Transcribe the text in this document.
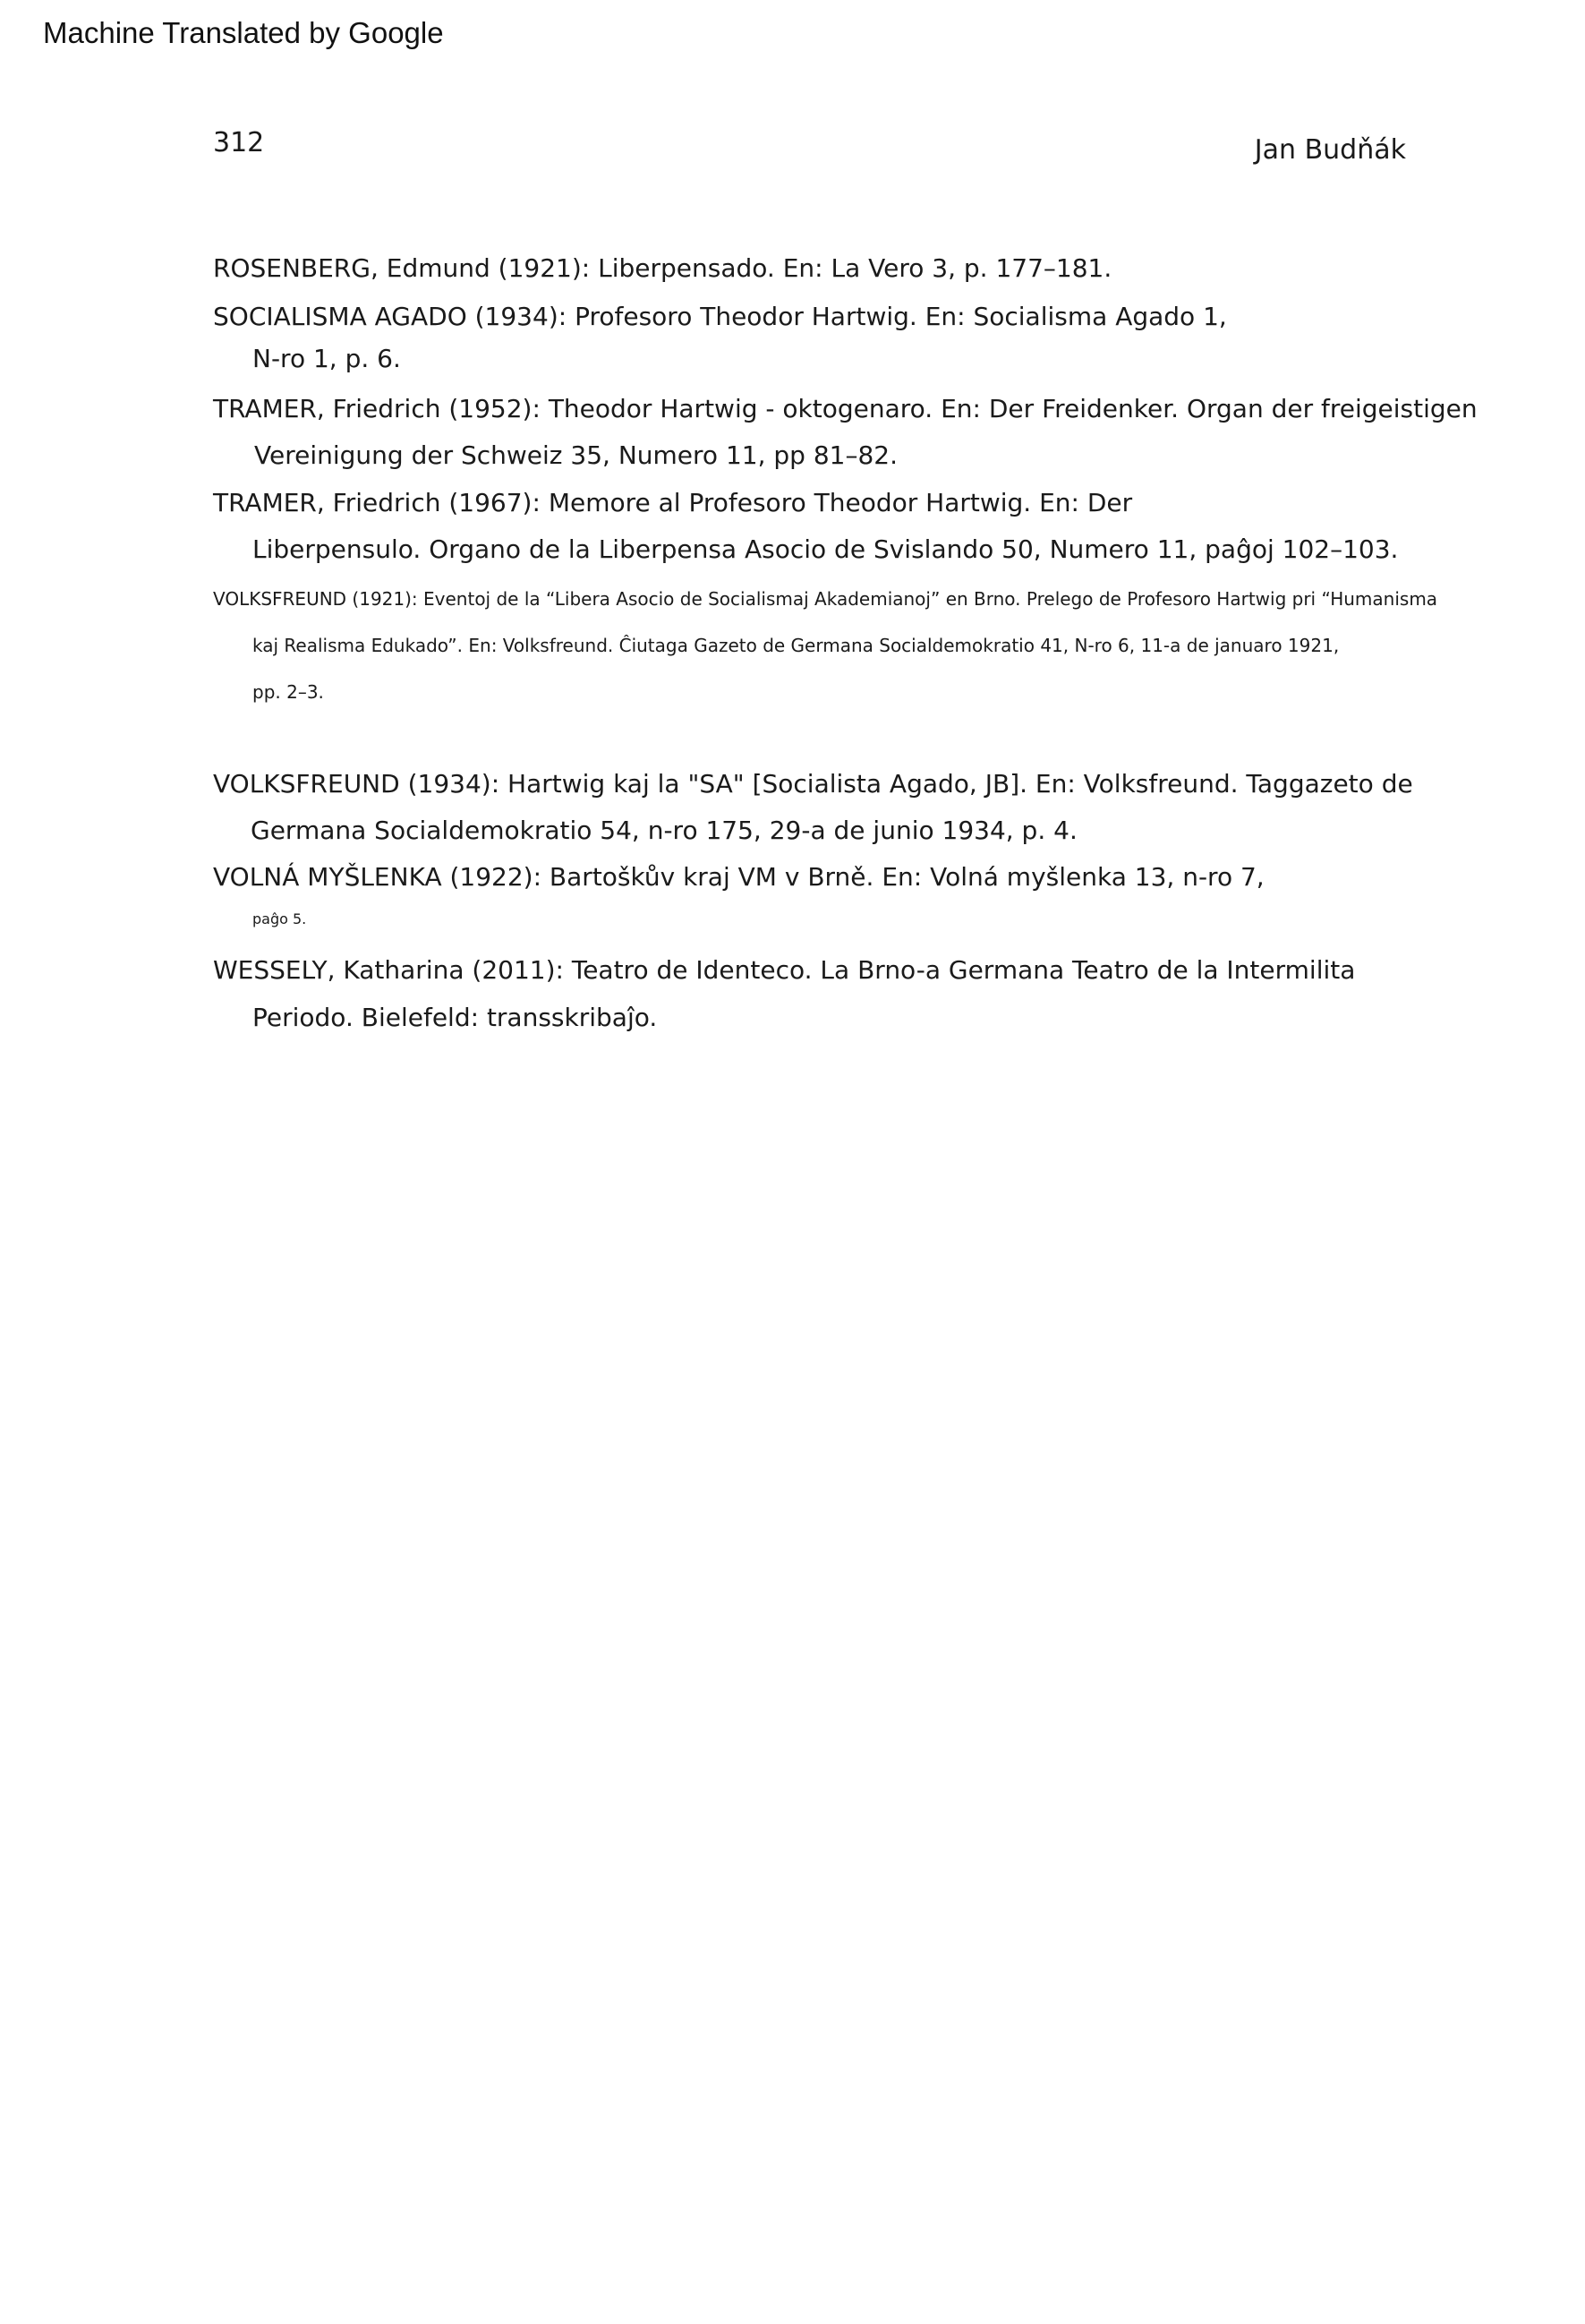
Machine Translated by Google
312	Jan Budňák
ROSENBERG, Edmund (1921): Liberpensado. En: La Vero 3, p. 177–181.
SOCIALISMA AGADO (1934): Profesoro Theodor Hartwig. En: Socialisma Agado 1,
N-ro 1, p. 6.
TRAMER, Friedrich (1952): Theodor Hartwig - oktogenaro. En: Der Freidenker. Organ der freigeistigen
Vereinigung der Schweiz 35, Numero 11, pp 81–82.
TRAMER, Friedrich (1967): Memore al Profesoro Theodor Hartwig. En: Der
Liberpensulo. Organo de la Liberpensa Asocio de Svislando 50, Numero 11, paĝoj 102–103.
VOLKSFREUND (1921): Eventoj de la “Libera Asocio de Socialismaj Akademianoj” en Brno. Prelego de Profesoro Hartwig pri “Humanisma
kaj Realisma Edukado”. En: Volksfreund. Ĉiutaga Gazeto de Germana Socialdemokratio 41, N-ro 6, 11-a de januaro 1921,
pp. 2–3.
VOLKSFREUND (1934): Hartwig kaj la "SA" [Socialista Agado, JB]. En: Volksfreund. Taggazeto de
Germana Socialdemokratio 54, n-ro 175, 29-a de junio 1934, p. 4.
VOLNÁ MYŠLENKA (1922): Bartoškův kraj VM v Brně. En: Volná myšlenka 13, n-ro 7,
paĝo 5.
WESSELY, Katharina (2011): Teatro de Identeco. La Brno-a Germana Teatro de la Intermilita
Periodo. Bielefeld: transskribaĵo.
